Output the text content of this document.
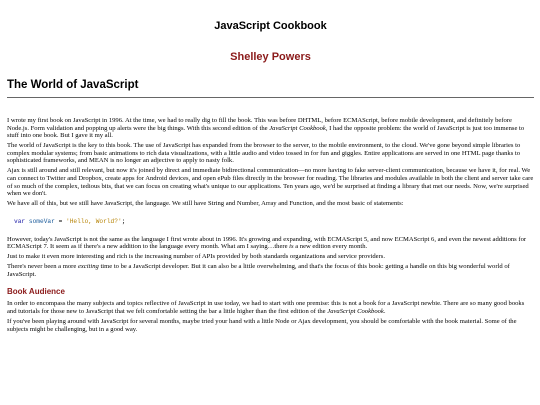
JavaScript Cookbook
Shelley Powers
The World of JavaScript

I wrote my first book on JavaScript in 1996. At the time, we had to really dig to fill the book. This was before DHTML, before ECMAScript, before mobile development, and definitely before Node.js. Form validation and popping up alerts were the big things. With this second edition of the JavaScript Cookbook, I had the opposite problem: the world of JavaScript is just too immense to stuff into one book. But I gave it my all.

The world of JavaScript is the key to this book. The use of JavaScript has expanded from the browser to the server, to the mobile environment, to the cloud. We've gone beyond simple libraries to complex modular systems; from basic animations to rich data visualizations, with a little audio and video tossed in for fun and giggles. Entire applications are served in one HTML page thanks to sophisticated frameworks, and MEAN is no longer an adjective to apply to nasty folk.

Ajax is still around and still relevant, but now it's joined by direct and immediate bidirectional communication—no more having to fake server-client communication, because we have it, for real. We can connect to Twitter and Dropbox, create apps for Android devices, and open ePub files directly in the browser for reading. The libraries and modules available in both the client and server take care of so much of the complex, tedious bits, that we can focus on creating what's unique to our applications. Ten years ago, we'd be surprised at finding a library that met our needs. Now, we're surprised when we don't.

We have all of this, but we still have JavaScript, the language. We still have String and Number, Array and Function, and the most basic of statements:

var someVar = 'Hello, World?';

However, today's JavaScript is not the same as the language I first wrote about in 1996. It's growing and expanding, with ECMAScript 5, and now ECMAScript 6, and even the newest additions for ECMAScript 7. It seem as if there's a new addition to the language every month. What am I saying…there is a new edition every month.

Just to make it even more interesting and rich is the increasing number of APIs provided by both standards organizations and service providers.

There's never been a more exciting time to be a JavaScript developer. But it can also be a little overwhelming, and that's the focus of this book: getting a handle on this big wonderful world of JavaScript.

Book Audience

In order to encompass the many subjects and topics reflective of JavaScript in use today, we had to start with one premise: this is not a book for a JavaScript newbie. There are so many good books and tutorials for those new to JavaScript that we felt comfortable setting the bar a little higher than the first edition of the JavaScript Cookbook.

If you've been playing around with JavaScript for several months, maybe tried your hand with a little Node or Ajax development, you should be comfortable with the book material. Some of the subjects might be challenging, but in a good way.
